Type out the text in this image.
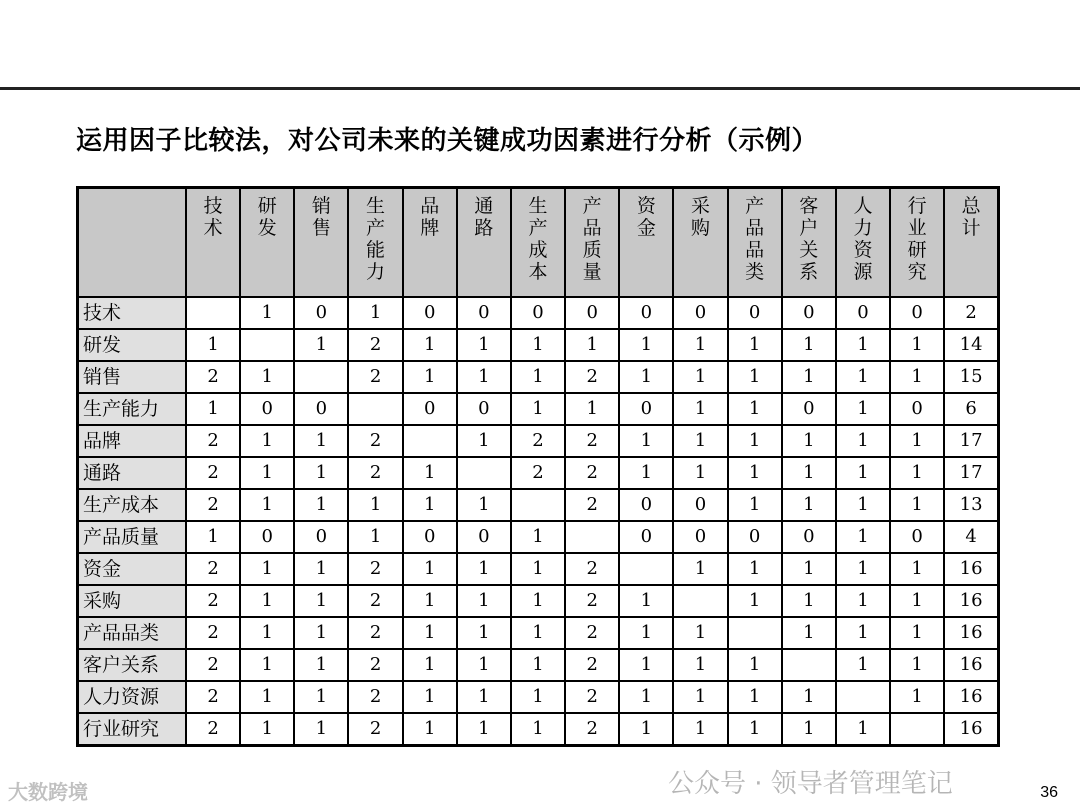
运用因子比较法，对公司未来的关键成功因素进行分析（示例）

	技术	研发	销售	生产能力	品牌	通路	生产成本	产品质量	资金	采购	产品品类	客户关系	人力资源	行业研究	总计

技术		1	0	1	0	0	0	0	0	0	0	0	0	0	2
研发	1		1	2	1	1	1	1	1	1	1	1	1	1	14
销售	2	1		2	1	1	1	2	1	1	1	1	1	1	15
生产能力	1	0	0		0	0	1	1	0	1	1	0	1	0	6
品牌	2	1	1	2		1	2	2	1	1	1	1	1	1	17
通路	2	1	1	2	1		2	2	1	1	1	1	1	1	17
生产成本	2	1	1	1	1	1		2	0	0	1	1	1	1	13
产品质量	1	0	0	1	0	0	1		0	0	0	0	1	0	4
资金	2	1	1	2	1	1	1	2		1	1	1	1	1	16
采购	2	1	1	2	1	1	1	2	1		1	1	1	1	16
产品品类	2	1	1	2	1	1	1	2	1	1		1	1	1	16
客户关系	2	1	1	2	1	1	1	2	1	1	1		1	1	16
人力资源	2	1	1	2	1	1	1	2	1	1	1	1		1	16
行业研究	2	1	1	2	1	1	1	2	1	1	1	1	1		16
大数跨境	公众号 · 领导者管理笔记	36
